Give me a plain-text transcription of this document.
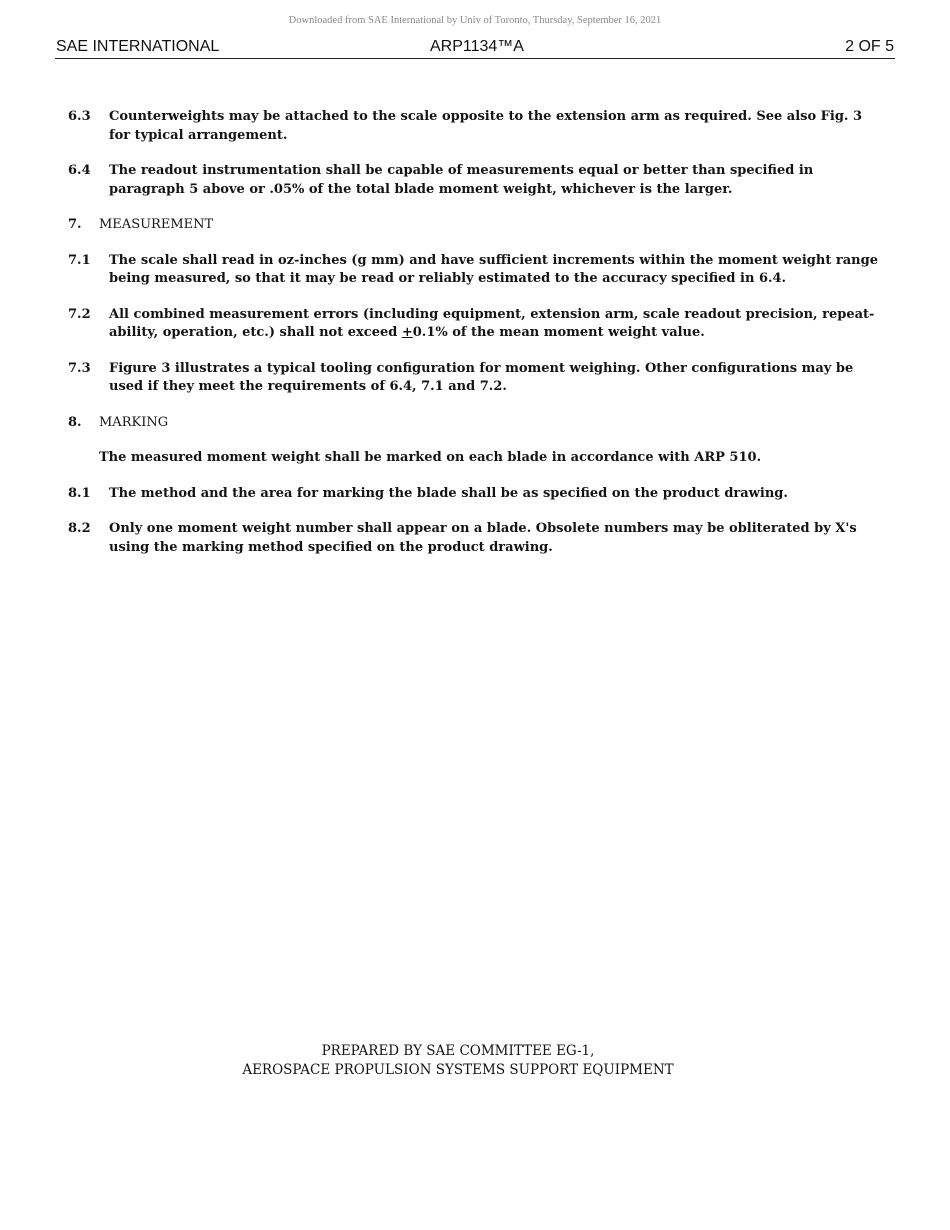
Downloaded from SAE International by Univ of Toronto, Thursday, September 16, 2021
SAE INTERNATIONAL	ARP1134™A	2 OF 5
6.3	Counterweights may be attached to the scale opposite to the extension arm as required. See also Fig. 3 for typical arrangement.
6.4	The readout instrumentation shall be capable of measurements equal or better than specified in paragraph 5 above or .05% of the total blade moment weight, whichever is the larger.
7.	MEASUREMENT
7.1	The scale shall read in oz-inches (g mm) and have sufficient increments within the moment weight range being measured, so that it may be read or reliably estimated to the accuracy specified in 6.4.
7.2	All combined measurement errors (including equipment, extension arm, scale readout precision, repeat-ability, operation, etc.) shall not exceed +0.1% of the mean moment weight value.
7.3	Figure 3 illustrates a typical tooling configuration for moment weighing. Other configurations may be used if they meet the requirements of 6.4, 7.1 and 7.2.
8.	MARKING
The measured moment weight shall be marked on each blade in accordance with ARP 510.
8.1	The method and the area for marking the blade shall be as specified on the product drawing.
8.2	Only one moment weight number shall appear on a blade. Obsolete numbers may be obliterated by X's using the marking method specified on the product drawing.
PREPARED BY SAE COMMITTEE EG-1,
AEROSPACE PROPULSION SYSTEMS SUPPORT EQUIPMENT
